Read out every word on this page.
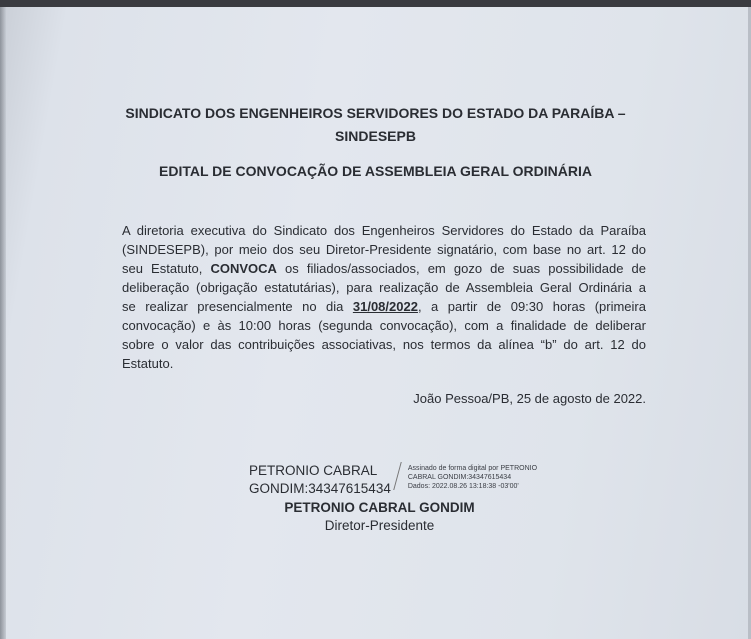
SINDICATO DOS ENGENHEIROS SERVIDORES DO ESTADO DA PARAÍBA –
SINDESEPB
EDITAL DE CONVOCAÇÃO DE ASSEMBLEIA GERAL ORDINÁRIA
A diretoria executiva do Sindicato dos Engenheiros Servidores do Estado da Paraíba
(SINDESEPB), por meio dos seu Diretor-Presidente signatário, com base no art. 12 do
seu Estatuto, CONVOCA os filiados/associados, em gozo de suas possibilidade de
deliberação (obrigação estatutárias), para realização de Assembleia Geral Ordinária a
se realizar presencialmente no dia 31/08/2022, a partir de 09:30 horas (primeira
convocação) e às 10:00 horas (segunda convocação), com a finalidade de deliberar
sobre o valor das contribuições associativas, nos termos da alínea “b” do art. 12 do
Estatuto.
João Pessoa/PB, 25 de agosto de 2022.
PETRONIO CABRAL
GONDIM:34347615434
Assinado de forma digital por PETRONIO
CABRAL GONDIM:34347615434
Dados: 2022.08.26 13:18:38 -03'00'
PETRONIO CABRAL GONDIM
Diretor-Presidente
